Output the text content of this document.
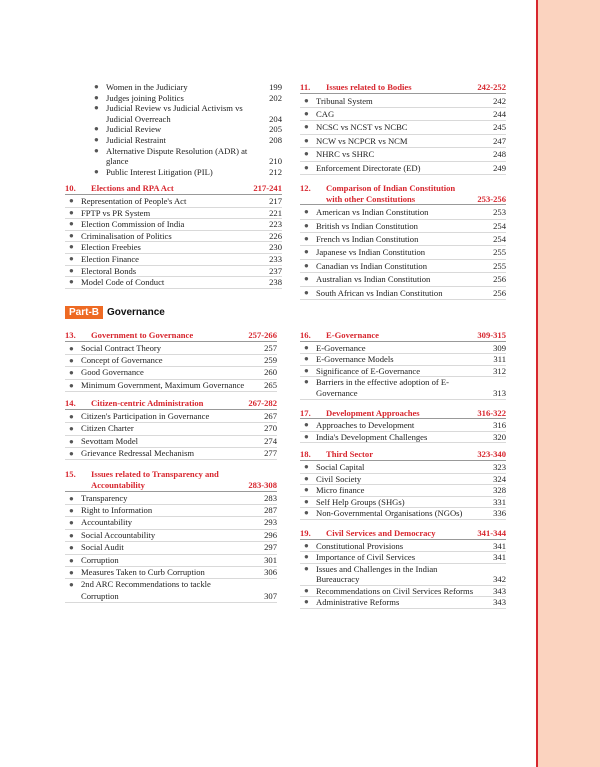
● Women in the Judiciary	199
● Judges joining Politics	202
● Judicial Review vs Judicial Activism vs Judicial Overreach	204
● Judicial Review	205
● Judicial Restraint	208
● Alternative Dispute Resolution (ADR) at glance	210
● Public Interest Litigation (PIL)	212
10. Elections and RPA Act	217-241
● Representation of People's Act	217
● FPTP vs PR System	221
● Election Commission of India	223
● Criminalisation of Politics	226
● Election Freebies	230
● Election Finance	233
● Electoral Bonds	237
● Model Code of Conduct	238
11. Issues related to Bodies	242-252
● Tribunal System	242
● CAG	244
● NCSC vs NCST vs NCBC	245
● NCW vs NCPCR vs NCM	247
● NHRC vs SHRC	248
● Enforcement Directorate (ED)	249
12. Comparison of Indian Constitution with other Constitutions	253-256
● American vs Indian Constitution	253
● British vs Indian Constitution	254
● French vs Indian Constitution	254
● Japanese vs Indian Constitution	255
● Canadian vs Indian Constitution	255
● Australian vs Indian Constitution	256
● South African vs Indian Constitution	256
Part-B Governance
13. Government to Governance	257-266
● Social Contract Theory	257
● Concept of Governance	259
● Good Governance	260
● Minimum Government, Maximum Governance 265
14. Citizen-centric Administration	267-282
● Citizen's Participation in Governance	267
● Citizen Charter	270
● Sevottam Model	274
● Grievance Redressal Mechanism	277
15. Issues related to Transparency and Accountability	283-308
● Transparency	283
● Right to Information	287
● Accountability	293
● Social Accountability	296
● Social Audit	297
● Corruption	301
● Measures Taken to Curb Corruption	306
● 2nd ARC Recommendations to tackle Corruption	307
16. E-Governance	309-315
● E-Governance	309
● E-Governance Models	311
● Significance of E-Governance	312
● Barriers in the effective adoption of E-Governance	313
17. Development Approaches	316-322
● Approaches to Development	316
● India's Development Challenges	320
18. Third Sector	323-340
● Social Capital	323
● Civil Society	324
● Micro finance	328
● Self Help Groups (SHGs)	331
● Non-Governmental Organisations (NGOs)	336
19. Civil Services and Democracy	341-344
● Constitutional Provisions	341
● Importance of Civil Services	341
● Issues and Challenges in the Indian Bureaucracy	342
● Recommendations on Civil Services Reforms 343
● Administrative Reforms	343
